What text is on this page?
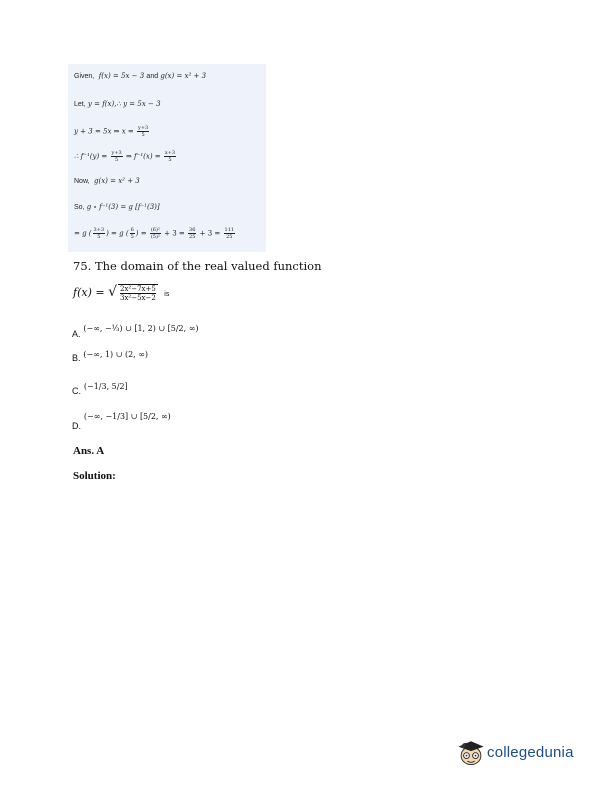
Given, f(x) = 5x − 3 and g(x) = x² + 3
Let, y = f(x),∴ y = 5x − 3
y + 3 = 5x ⇒ $x = \frac{y+3}{5}$
∴ $f^{-1}(y) = \frac{y+3}{5}$ ⇒ $f^{-1}(x) = \frac{x+3}{5}$
Now, g(x) = x² + 3
So, g ∘ f⁻¹(3) = g [f⁻¹(3)]
= g ( $\frac{3+3}{5}$ ) = g ( $\frac{6}{5}$ ) = $\frac{\text{(6)²}}{\text{(5)²}} + 3 = \frac{36}{25} + 3 = \frac{111}{25}$
75. The domain of the real valued function
f(x) = √ $\frac{\text{2x²−7x+5}}{\text{3x²−5x−2}}$ is
A. (−∞, −⅓) ∪ [1, 2) ∪ [5/2, ∞)
B. (−∞, 1) ∪ (2, ∞)
C. (−1/3, 5/2]
D. (−∞, −1/3] ∪ [5/2, ∞)
Ans. A
Solution:
collegedunia
